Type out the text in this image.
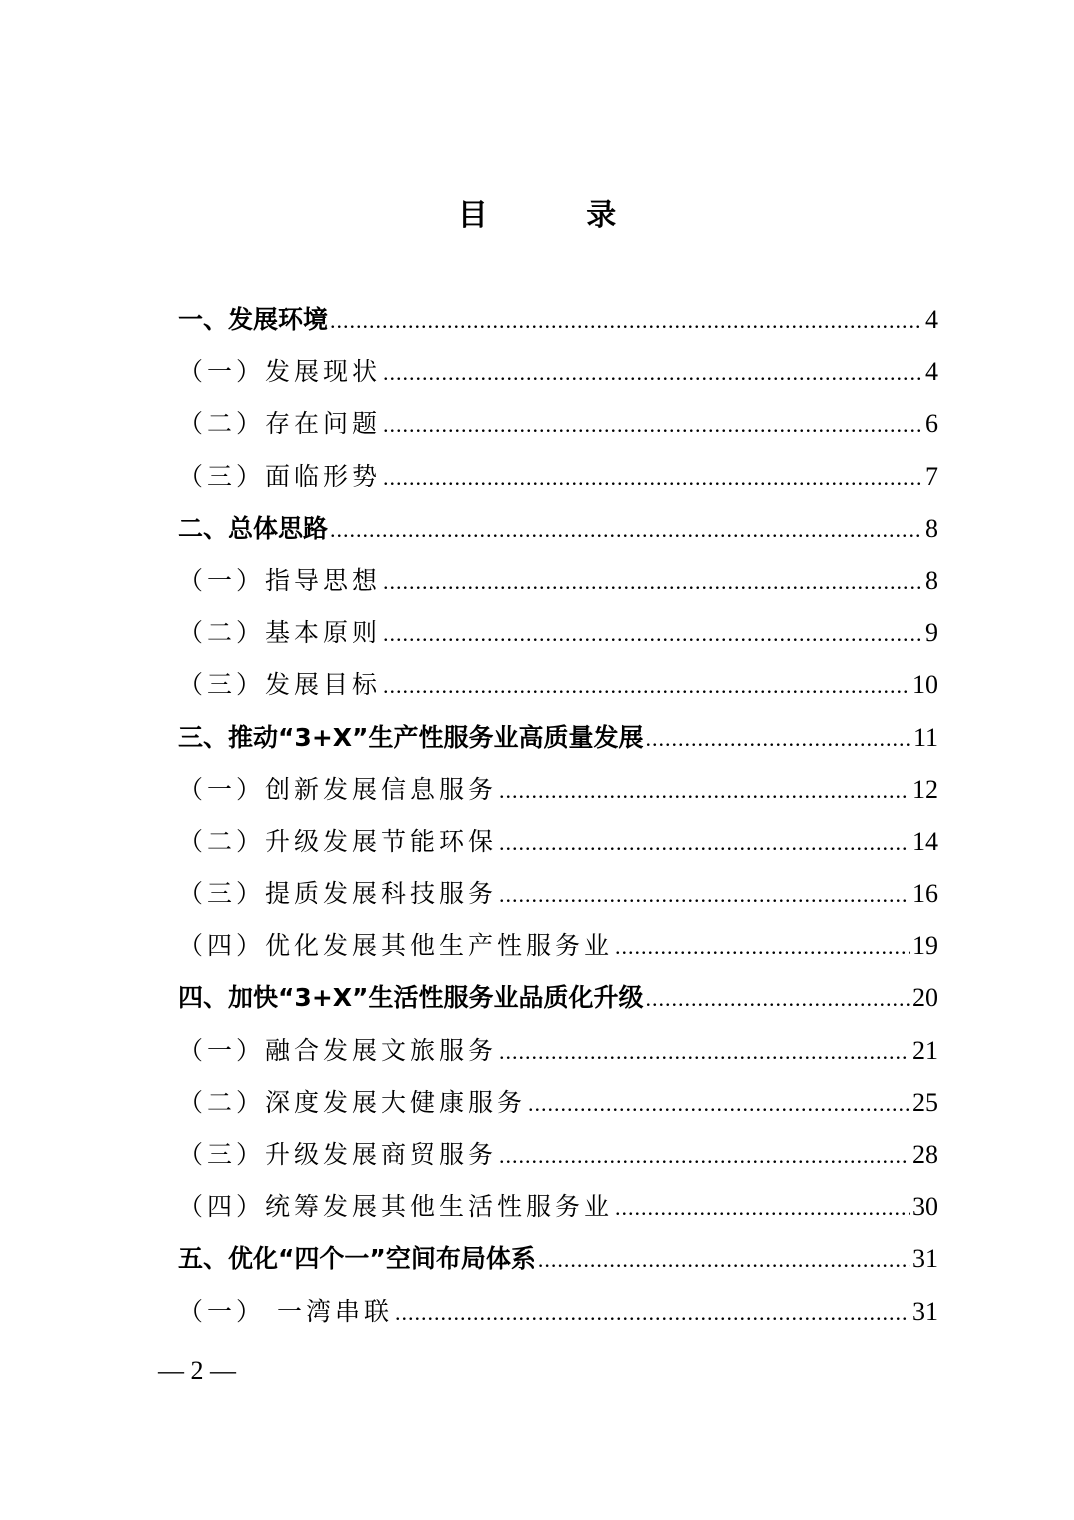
目 录
一、发展环境 .....	4
（一）发展现状 .....	4
（二）存在问题 .....	6
（三）面临形势 .....	7
二、总体思路 .....	8
（一）指导思想 .....	8
（二）基本原则 .....	9
（三）发展目标 .....	10
三、推动“3+X”生产性服务业高质量发展 .....	11
（一）创新发展信息服务 .....	12
（二）升级发展节能环保 .....	14
（三）提质发展科技服务 .....	16
（四）优化发展其他生产性服务业 .....	19
四、加快“3+X”生活性服务业品质化升级 .....	20
（一）融合发展文旅服务 .....	21
（二）深度发展大健康服务 .....	25
（三）升级发展商贸服务 .....	28
（四）统筹发展其他生活性服务业 .....	30
五、优化“四个一”空间布局体系 .....	31
（一） 一湾串联 .....	31
— 2 —
